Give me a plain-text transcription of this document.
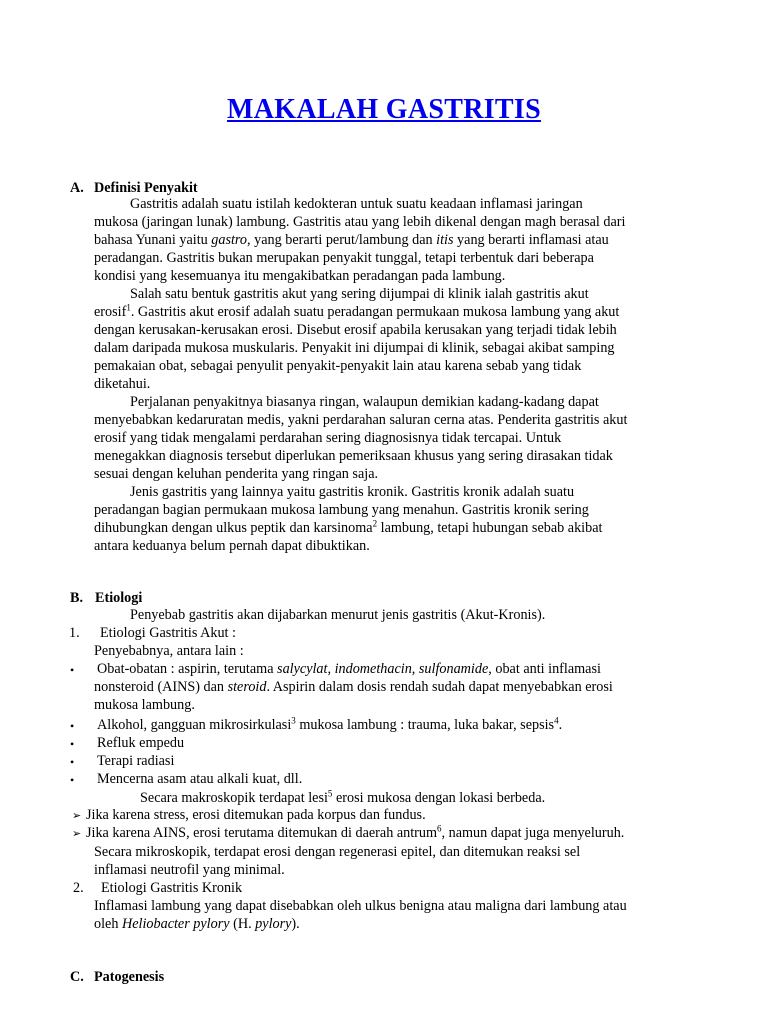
MAKALAH GASTRITIS
A. Definisi Penyakit
Gastritis adalah suatu istilah kedokteran untuk suatu keadaan inflamasi jaringan
mukosa (jaringan lunak) lambung. Gastritis atau yang lebih dikenal dengan magh berasal dari
bahasa Yunani yaitu gastro, yang berarti perut/lambung dan itis yang berarti inflamasi atau
peradangan. Gastritis bukan merupakan penyakit tunggal, tetapi terbentuk dari beberapa
kondisi yang kesemuanya itu mengakibatkan peradangan pada lambung.
Salah satu bentuk gastritis akut yang sering dijumpai di klinik ialah gastritis akut
erosif$^1$. Gastritis akut erosif adalah suatu peradangan permukaan mukosa lambung yang akut
dengan kerusakan-kerusakan erosi. Disebut erosif apabila kerusakan yang terjadi tidak lebih
dalam daripada mukosa muskularis. Penyakit ini dijumpai di klinik, sebagai akibat samping
pemakaian obat, sebagai penyulit penyakit-penyakit lain atau karena sebab yang tidak
diketahui.
Perjalanan penyakitnya biasanya ringan, walaupun demikian kadang-kadang dapat
menyebabkan kedaruratan medis, yakni perdarahan saluran cerna atas. Penderita gastritis akut
erosif yang tidak mengalami perdarahan sering diagnosisnya tidak tercapai. Untuk
menegakkan diagnosis tersebut diperlukan pemeriksaan khusus yang sering dirasakan tidak
sesuai dengan keluhan penderita yang ringan saja.
Jenis gastritis yang lainnya yaitu gastritis kronik. Gastritis kronik adalah suatu
peradangan bagian permukaan mukosa lambung yang menahun. Gastritis kronik sering
dihubungkan dengan ulkus peptik dan karsinoma$^2$ lambung, tetapi hubungan sebab akibat
antara keduanya belum pernah dapat dibuktikan.
B. Etiologi
Penyebab gastritis akan dijabarkan menurut jenis gastritis (Akut-Kronis).
1. Etiologi Gastritis Akut :
Penyebabnya, antara lain :
• Obat-obatan : aspirin, terutama salycylat, indomethacin, sulfonamide, obat anti inflamasi
nonsteroid (AINS) dan steroid. Aspirin dalam dosis rendah sudah dapat menyebabkan erosi
mukosa lambung.
• Alkohol, gangguan mikrosirkulasi$^3$ mukosa lambung : trauma, luka bakar, sepsis$^4$.
• Refluk empedu
• Terapi radiasi
• Mencerna asam atau alkali kuat, dll.
Secara makroskopik terdapat lesi$^5$ erosi mukosa dengan lokasi berbeda.
➢ Jika karena stress, erosi ditemukan pada korpus dan fundus.
➢ Jika karena AINS, erosi terutama ditemukan di daerah antrum$^6$, namun dapat juga menyeluruh.
Secara mikroskopik, terdapat erosi dengan regenerasi epitel, dan ditemukan reaksi sel
inflamasi neutrofil yang minimal.
2. Etiologi Gastritis Kronik
Inflamasi lambung yang dapat disebabkan oleh ulkus benigna atau maligna dari lambung atau
oleh Heliobacter pylory (H. pylory).
C. Patogenesis
